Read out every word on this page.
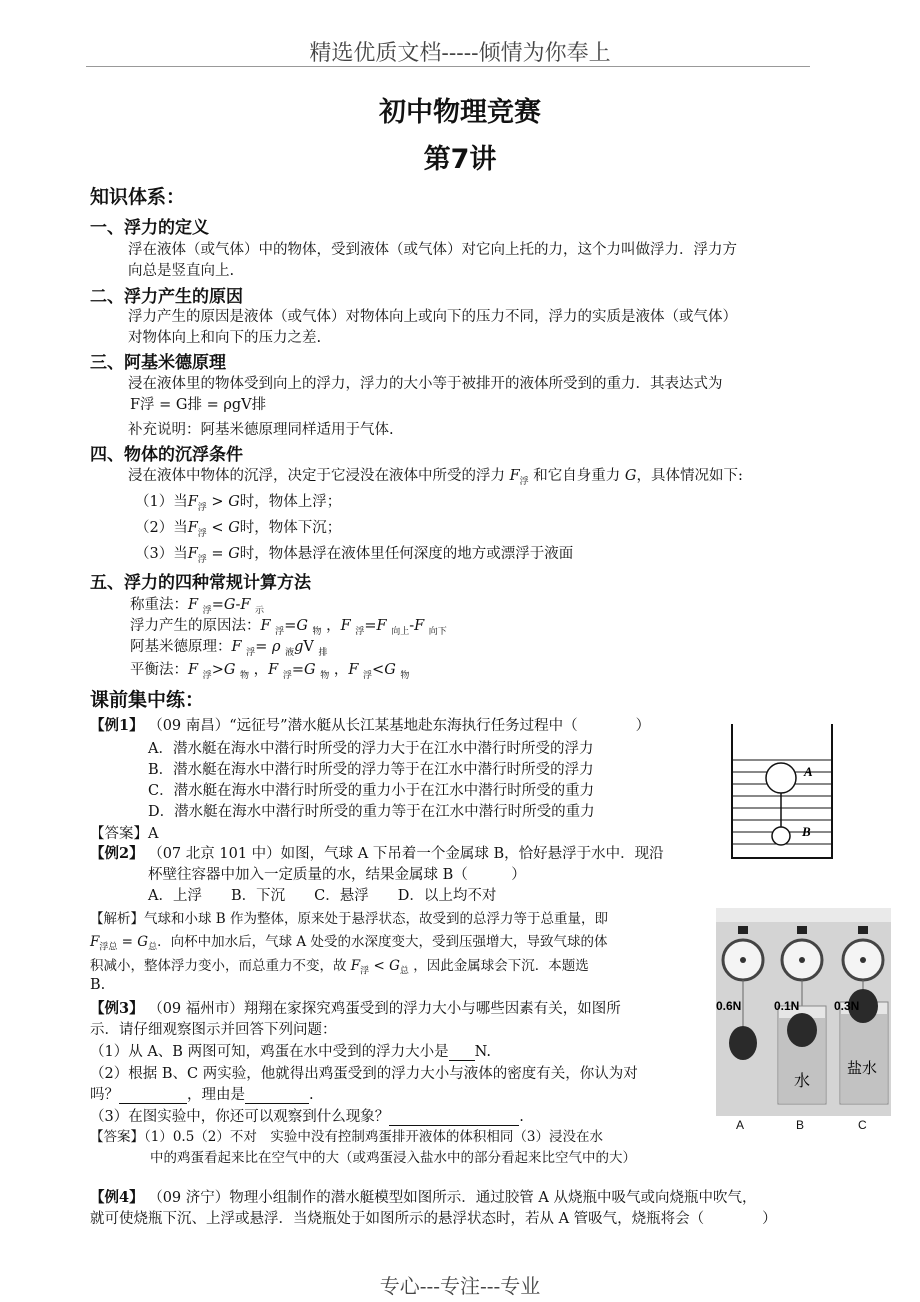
精选优质文档-----倾情为你奉上
初中物理竞赛
第7讲
知识体系：
一、浮力的定义
浮在液体（或气体）中的物体，受到液体（或气体）对它向上托的力，这个力叫做浮力．浮力方
向总是竖直向上.
二、浮力产生的原因
浮力产生的原因是液体（或气体）对物体向上或向下的压力不同，浮力的实质是液体（或气体）
对物体向上和向下的压力之差.
三、阿基米德原理
浸在液体里的物体受到向上的浮力，浮力的大小等于被排开的液体所受到的重力．其表达式为
F浮 = G排 = ρgV排
补充说明：阿基米德原理同样适用于气体.
四、物体的沉浮条件
浸在液体中物体的沉浮，决定于它浸没在液体中所受的浮力 $F_浮$ 和它自身重力 G，具体情况如下:
（1）当$F_浮 > G$时，物体上浮；
（2）当$F_浮 < G$时，物体下沉；
（3）当$F_浮 = G$时，物体悬浮在液体里任何深度的地方或漂浮于液面
五、浮力的四种常规计算方法
称重法：F $_浮$=G-F $_示$
浮力产生的原因法：F $_浮$=G $_物$ ，F $_浮$=F $_{向上}$-F $_{向下}$
阿基米德原理：F $_浮$= ρ $_液$gV $_排$
平衡法：F $_浮$>G $_物$ ，F $_浮$=G $_物$ ，F $_浮$<G $_物$
课前集中练：
【例1】 （09 南昌）“远征号”潜水艇从长江某基地赴东海执行任务过程中（　　　　）
A．潜水艇在海水中潜行时所受的浮力大于在江水中潜行时所受的浮力
B．潜水艇在海水中潜行时所受的浮力等于在江水中潜行时所受的浮力
C．潜水艇在海水中潜行时所受的重力小于在江水中潜行时所受的重力
D．潜水艇在海水中潜行时所受的重力等于在江水中潜行时所受的重力
【答案】A
A
B
【例2】 （07 北京 101 中）如图，气球 A 下吊着一个金属球 B，恰好悬浮于水中．现沿
杯壁往容器中加入一定质量的水，结果金属球 B（　　　）
A．上浮　　B．下沉　　C．悬浮　　D．以上均不对
【解析】气球和小球 B 作为整体，原来处于悬浮状态，故受到的总浮力等于总重量，即
$F_{浮总} = G_总$．向杯中加水后，气球 A 处受的水深度变大，受到压强增大，导致气球的体
积减小，整体浮力变小，而总重力不变，故 $F_浮 < G_总$ ，因此金属球会下沉．本题选
B.
0.6N	0.1N	0.3N
水
盐水
A	B	C
【例3】 （09 福州市）翔翔在家探究鸡蛋受到的浮力大小与哪些因素有关，如图所
示．请仔细观察图示并回答下列问题：
（1）从 A、B 两图可知，鸡蛋在水中受到的浮力大小是 N.
（2）根据 B、C 两实验，他就得出鸡蛋受到的浮力大小与液体的密度有关，你认为对
吗？	，理由是	.
（3）在图实验中，你还可以观察到什么现象？	.
【答案】（1）0.5（2）不对　实验中没有控制鸡蛋排开液体的体积相同（3）浸没在水
中的鸡蛋看起来比在空气中的大（或鸡蛋浸入盐水中的部分看起来比空气中的大）
【例4】 （09 济宁）物理小组制作的潜水艇模型如图所示．通过胶管 A 从烧瓶中吸气或向烧瓶中吹气，
就可使烧瓶下沉、上浮或悬浮．当烧瓶处于如图所示的悬浮状态时，若从 A 管吸气，烧瓶将会（　　　　）
专心---专注---专业
